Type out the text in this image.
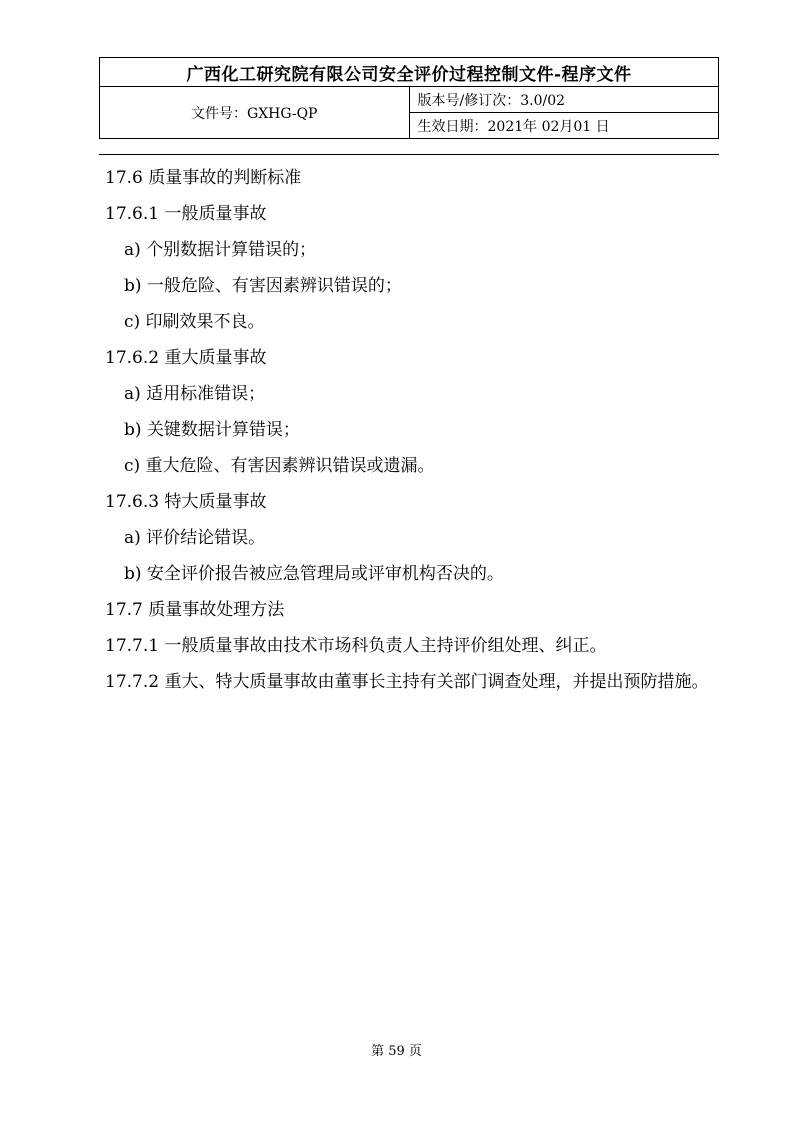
广西化工研究院有限公司安全评价过程控制文件-程序文件
文件号：GXHG-QP	版本号/修订次：3.0/02
生效日期：2021年 02月01 日
17.6 质量事故的判断标准
17.6.1 一般质量事故
a) 个别数据计算错误的；
b) 一般危险、有害因素辨识错误的；
c) 印刷效果不良。
17.6.2 重大质量事故
a) 适用标准错误；
b) 关键数据计算错误；
c) 重大危险、有害因素辨识错误或遗漏。
17.6.3 特大质量事故
a) 评价结论错误。
b) 安全评价报告被应急管理局或评审机构否决的。
17.7 质量事故处理方法
17.7.1 一般质量事故由技术市场科负责人主持评价组处理、纠正。
17.7.2 重大、特大质量事故由董事长主持有关部门调查处理，并提出预防措施。
第 59 页
